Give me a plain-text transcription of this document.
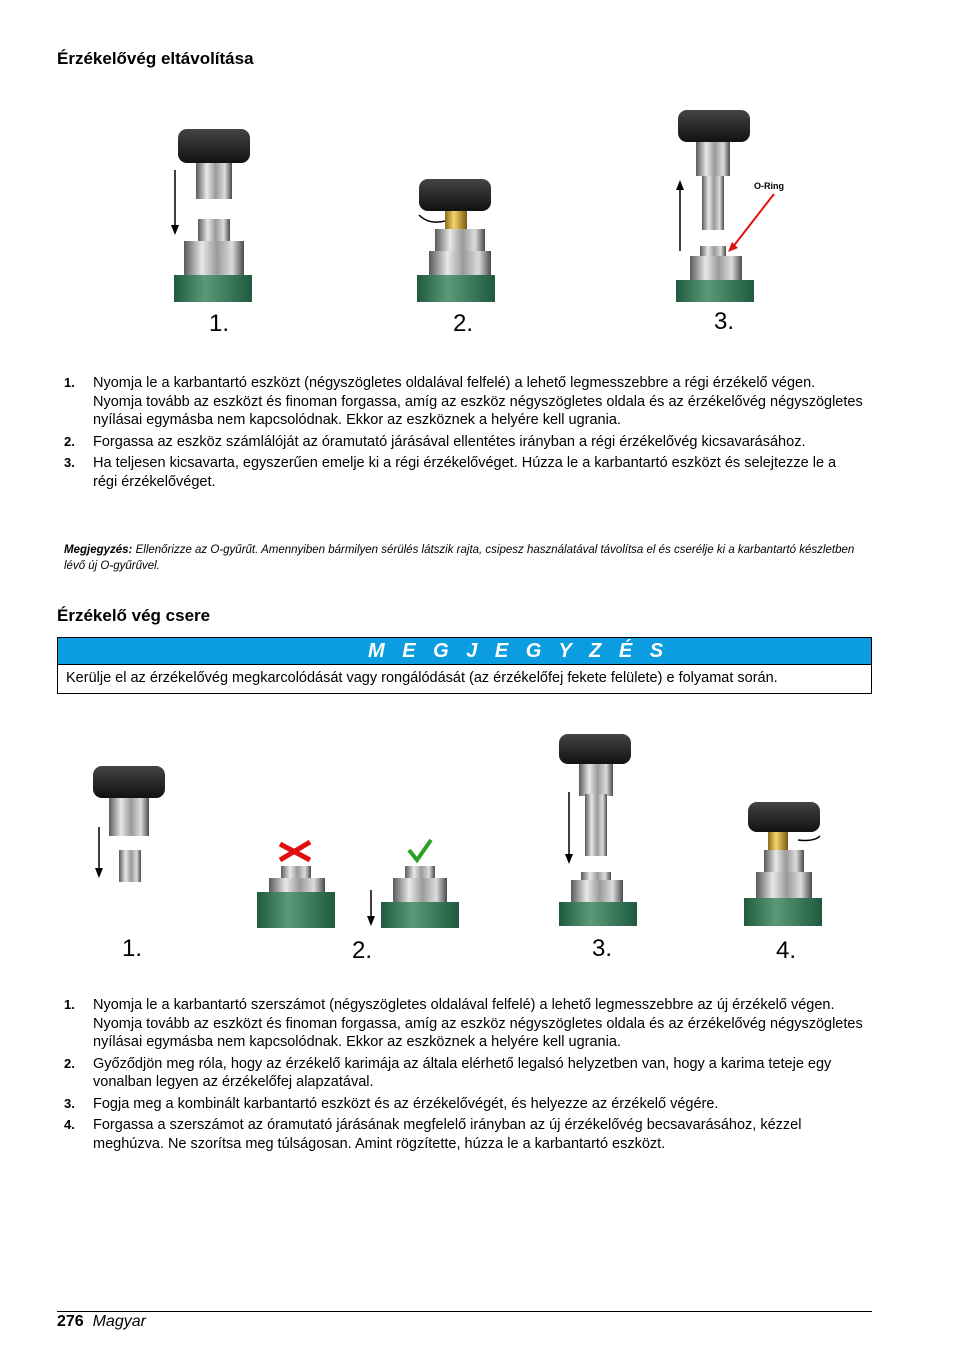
Érzékelővég eltávolítása
1.	2.
O-Ring
3.
1.	Nyomja le a karbantartó eszközt (négyszögletes oldalával felfelé) a lehető legmesszebbre a régi érzékelő végen. Nyomja tovább az eszközt és finoman forgassa, amíg az eszköz négyszögletes oldala és az érzékelővég négyszögletes nyílásai egymásba nem kapcsolódnak. Ekkor az eszköznek a helyére kell ugrania.
2.	Forgassa az eszköz számlálóját az óramutató járásával ellentétes irányban a régi érzékelővég kicsavarásához.
3.	Ha teljesen kicsavarta, egyszerűen emelje ki a régi érzékelővéget. Húzza le a karbantartó eszközt és selejtezze le a régi érzékelővéget.
Megjegyzés: Ellenőrizze az O-gyűrűt. Amennyiben bármilyen sérülés látszik rajta, csipesz használatával távolítsa el és cserélje ki a karbantartó készletben lévő új O-gyűrűvel.
Érzékelő vég csere
M E G J E G Y Z É S
Kerülje el az érzékelővég megkarcolódását vagy rongálódását (az érzékelőfej fekete felülete) e folyamat során.
1.	2.	3.	4.
1.	Nyomja le a karbantartó szerszámot (négyszögletes oldalával felfelé) a lehető legmesszebbre az új érzékelő végen. Nyomja tovább az eszközt és finoman forgassa, amíg az eszköz négyszögletes oldala és az érzékelővég négyszögletes nyílásai egymásba nem kapcsolódnak. Ekkor az eszköznek a helyére kell ugrania.
2.	Győződjön meg róla, hogy az érzékelő karimája az általa elérhető legalsó helyzetben van, hogy a karima teteje egy vonalban legyen az érzékelőfej alapzatával.
3.	Fogja meg a kombinált karbantartó eszközt és az érzékelővégét, és helyezze az érzékelő végére.
4.	Forgassa a szerszámot az óramutató járásának megfelelő irányban az új érzékelővég becsavarásához, kézzel meghúzva. Ne szorítsa meg túlságosan. Amint rögzítette, húzza le a karbantartó eszközt.
276 Magyar
